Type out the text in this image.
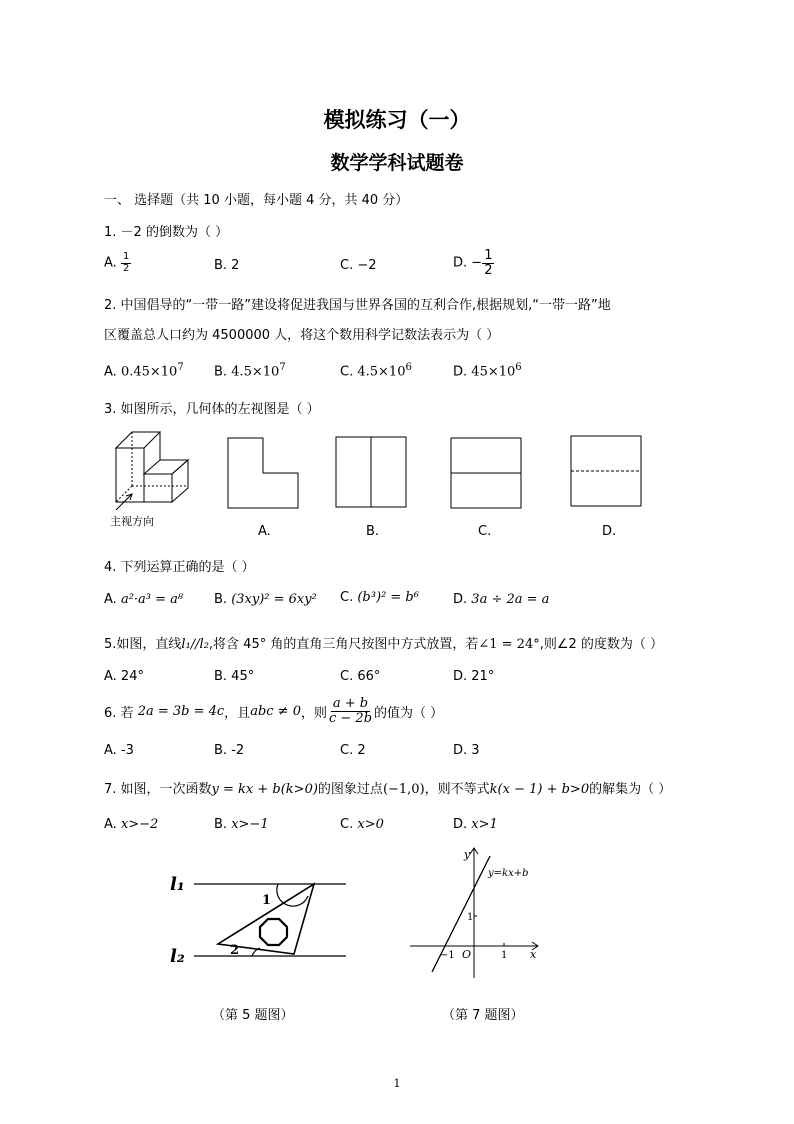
模拟练习（一）
数学学科试题卷
一、 选择题（共 10 小题，每小题 4 分，共 40 分）
1. －2 的倒数为（ ）
A. $\frac{1}{2}$	B. 2	C. −2	D. − $\frac{1}{2}$
2. 中国倡导的“一带一路”建设将促进我国与世界各国的互利合作,根据规划,“一带一路”地
区覆盖总人口约为 4500000 人，将这个数用科学记数法表示为（ ）
A. $0.45\times 10^7$ B. $4.5\times 10^7$	C. $4.5\times 10^6$	D. $45\times 10^6$
3. 如图所示，几何体的左视图是（ ）
主视方向
A.	B.	C.	D.
4. 下列运算正确的是（ ）
A. a²·a³ = a⁸ B. (3xy)² = 6xy² C. (b³)² = b⁶	D. 3a ÷ 2a = a
5.如图，直线l₁//l₂,将含 45° 角的直角三角尺按图中方式放置，若∠1 = 24°,则∠2 的度数为（ ）
A. 24°	B. 45°	C. 66°	D. 21°
6. 若
2a = 3b = 4c ，且 abc ≠ 0 ，则 $\frac{a + b}{c - 2b}$ 的值为（ ）
A. -3	B. -2	C. 2	D. 3
7. 如图，一次函数y = kx + b(k>0)的图象过点(−1,0)，则不等式k(x − 1) + b>0的解集为（ ）
A. x>−2	B. x>−1	C. x>0	D. x>1
l₁
l₂
1
2
（第 5 题图）
y
x
y=kx+b
O
−1	1
1
（第 7 题图）
1
